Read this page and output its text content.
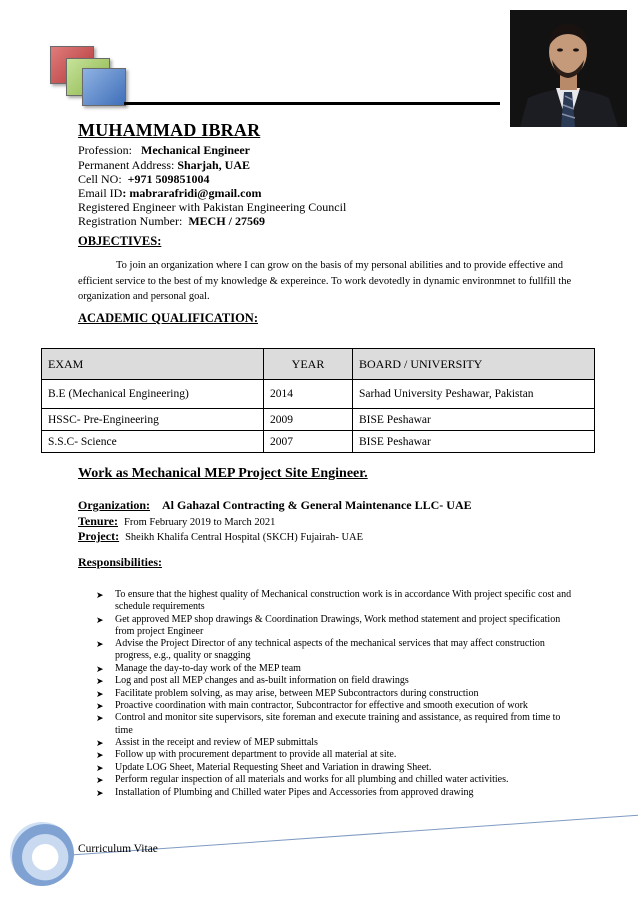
MUHAMMAD IBRAR
Profession: Mechanical Engineer
Permanent Address: Sharjah, UAE
Cell NO: +971 509851004
Email ID: mabrarafridi@gmail.com
Registered Engineer with Pakistan Engineering Council
Registration Number: MECH / 27569
OBJECTIVES:
To join an organization where I can grow on the basis of my personal abilities and to provide effective and efficient service to the best of my knowledge & expereince. To work devotedly in dynamic environmnet to fullfill the organization and personal goal.
ACADEMIC QUALIFICATION:
EXAM	YEAR	BOARD / UNIVERSITY
B.E (Mechanical Engineering)	2014	Sarhad University Peshawar, Pakistan
HSSC- Pre-Engineering	2009	BISE Peshawar
S.S.C- Science	2007	BISE Peshawar
Work as Mechanical MEP Project Site Engineer.
Organization: Al Gahazal Contracting & General Maintenance LLC- UAE
Tenure: From February 2019 to March 2021
Project: Sheikh Khalifa Central Hospital (SKCH) Fujairah- UAE
Responsibilities:
➤ To ensure that the highest quality of Mechanical construction work is in accordance With project specific cost and schedule requirements
➤ Get approved MEP shop drawings & Coordination Drawings, Work method statement and project specification from project Engineer
➤ Advise the Project Director of any technical aspects of the mechanical services that may affect construction progress, e.g., quality or snagging
➤ Manage the day-to-day work of the MEP team
➤ Log and post all MEP changes and as-built information on field drawings
➤ Facilitate problem solving, as may arise, between MEP Subcontractors during construction
➤ Proactive coordination with main contractor, Subcontractor for effective and smooth execution of work
➤ Control and monitor site supervisors, site foreman and execute training and assistance, as required from time to time
➤ Assist in the receipt and review of MEP submittals
➤ Follow up with procurement department to provide all material at site.
➤ Update LOG Sheet, Material Requesting Sheet and Variation in drawing Sheet.
➤ Perform regular inspection of all materials and works for all plumbing and chilled water activities.
➤ Installation of Plumbing and Chilled water Pipes and Accessories from approved drawing
Curriculum Vitae
